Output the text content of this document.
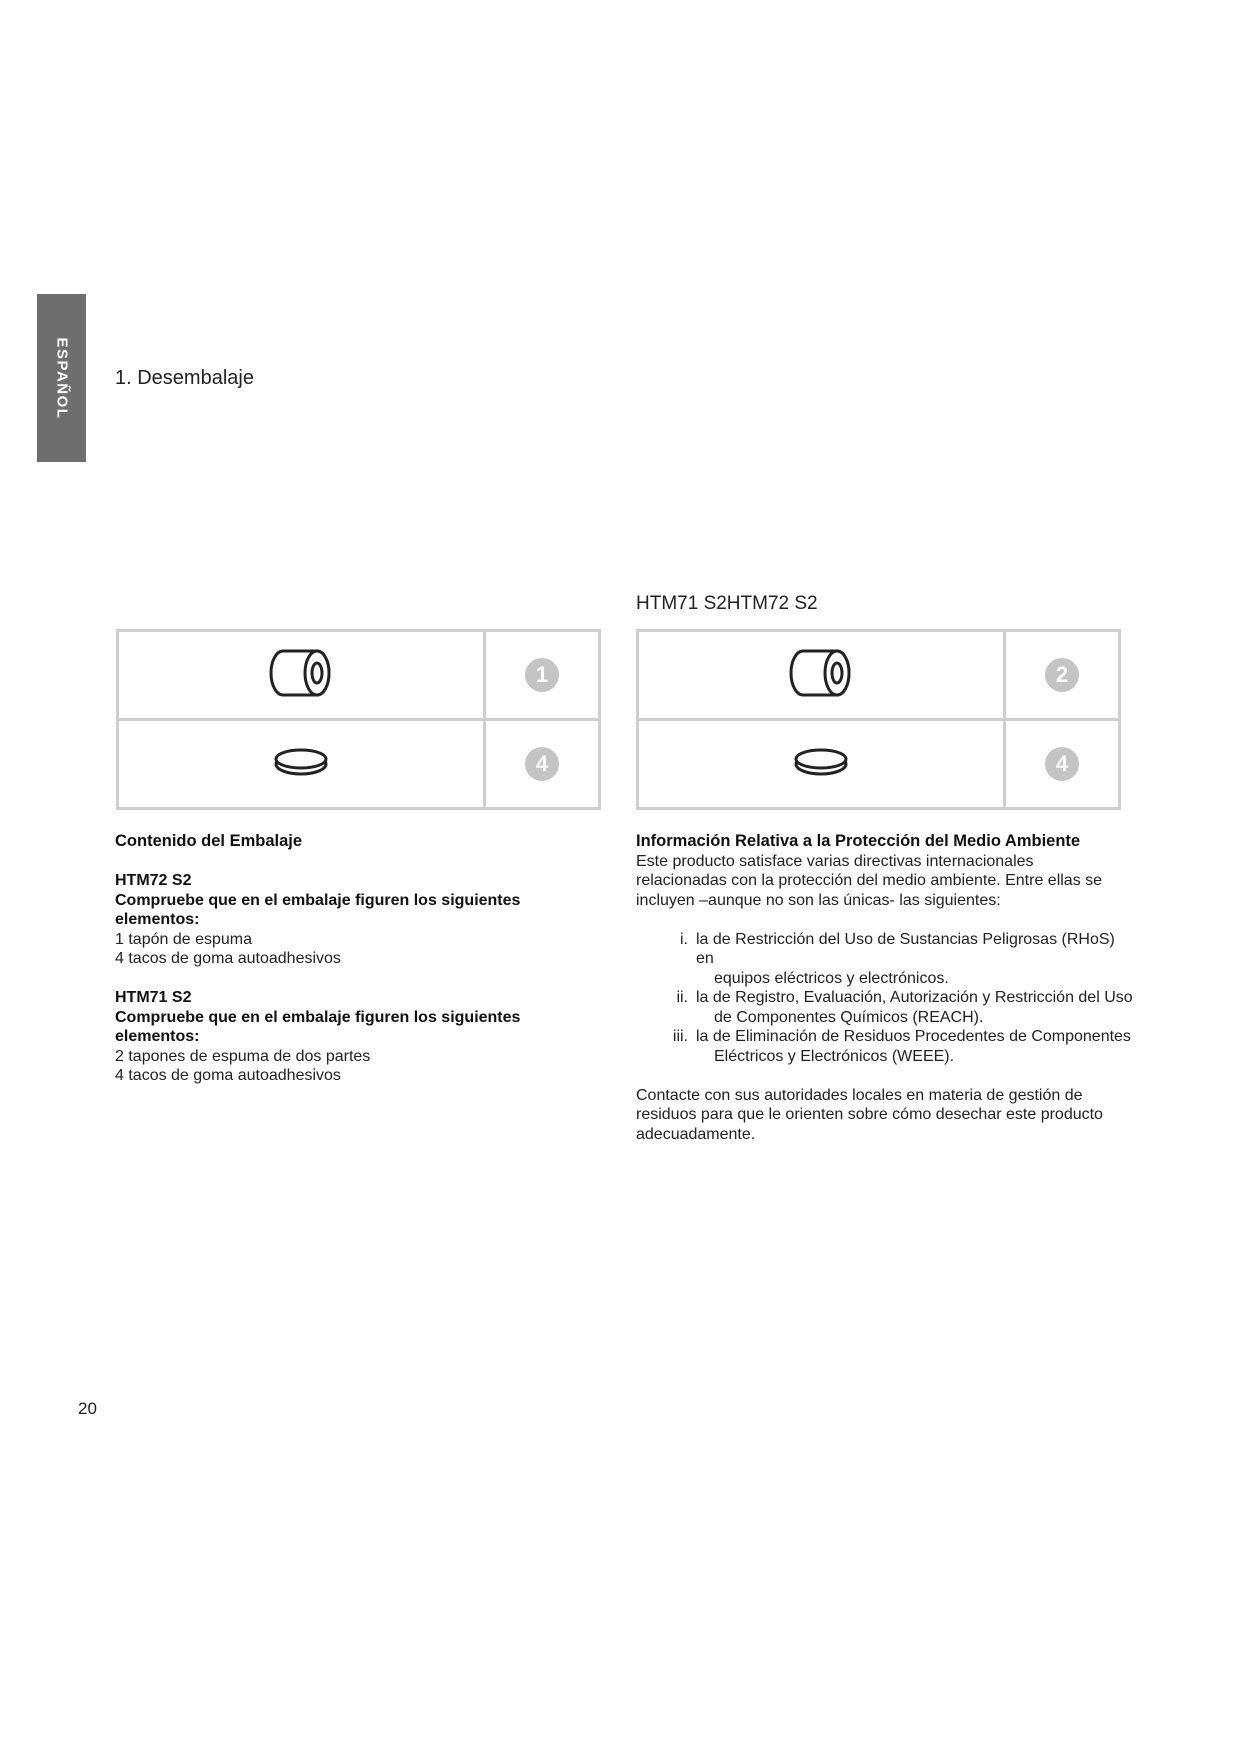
ESPAÑOL 1. Desembalaje
HTM71 S2HTM72 S2
	1
	4
	2
	4

Contenido del Embalaje

HTM72 S2

Compruebe que en el embalaje figuren los siguientes

elementos:

1 tapón de espuma

4 tacos de goma autoadhesivos

HTM71 S2

Compruebe que en el embalaje figuren los siguientes

elementos:

2 tapones de espuma de dos partes

4 tacos de goma autoadhesivos

Información Relativa a la Protección del Medio Ambiente

Este producto satisface varias directivas internacionales

relacionadas con la protección del medio ambiente. Entre ellas se

incluyen –aunque no son las únicas- las siguientes:

i. la de Restricción del Uso de Sustancias Peligrosas (RHoS) en
equipos eléctricos y electrónicos.
ii. la de Registro, Evaluación, Autorización y Restricción del Uso
de Componentes Químicos (REACH).
iii. la de Eliminación de Residuos Procedentes de Componentes
Eléctricos y Electrónicos (WEEE).

Contacte con sus autoridades locales en materia de gestión de

residuos para que le orienten sobre cómo desechar este producto

adecuadamente.

20
